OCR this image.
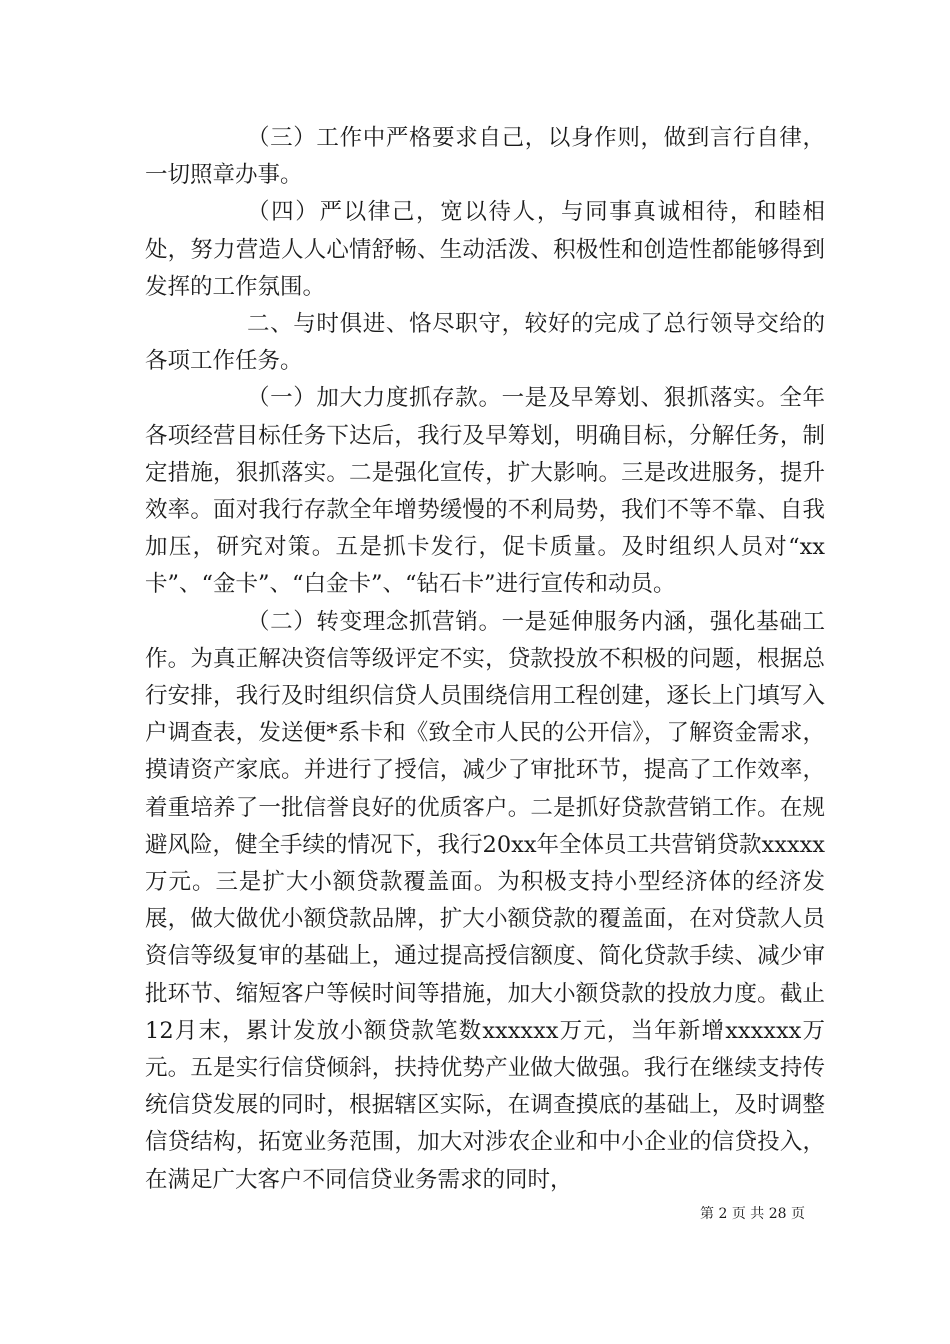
（三）工作中严格要求自己，以身作则，做到言行自律，一切照章办事。

（四）严以律己，宽以待人，与同事真诚相待，和睦相处，努力营造人人心情舒畅、生动活泼、积极性和创造性都能够得到发挥的工作氛围。

二、与时俱进、恪尽职守，较好的完成了总行领导交给的各项工作任务。

（一）加大力度抓存款。一是及早筹划、狠抓落实。全年各项经营目标任务下达后，我行及早筹划，明确目标，分解任务，制定措施，狠抓落实。二是强化宣传，扩大影响。三是改进服务，提升效率。面对我行存款全年增势缓慢的不利局势，我们不等不靠、自我加压，研究对策。五是抓卡发行，促卡质量。及时组织人员对“xx卡”、“金卡”、“白金卡”、“钻石卡”进行宣传和动员。

（二）转变理念抓营销。一是延伸服务内涵，强化基础工作。为真正解决资信等级评定不实，贷款投放不积极的问题，根据总行安排，我行及时组织信贷人员围绕信用工程创建，逐长上门填写入户调查表，发送便*系卡和《致全市人民的公开信》，了解资金需求，摸请资产家底。并进行了授信，减少了审批环节，提高了工作效率，着重培养了一批信誉良好的优质客户。二是抓好贷款营销工作。在规避风险，健全手续的情况下，我行20xx年全体员工共营销贷款xxxxx万元。三是扩大小额贷款覆盖面。为积极支持小型经济体的经济发展，做大做优小额贷款品牌，扩大小额贷款的覆盖面，在对贷款人员资信等级复审的基础上，通过提高授信额度、简化贷款手续、减少审批环节、缩短客户等候时间等措施，加大小额贷款的投放力度。截止12月末，累计发放小额贷款笔数xxxxxx万元，当年新增xxxxxx万元。五是实行信贷倾斜，扶持优势产业做大做强。我行在继续支持传统信贷发展的同时，根据辖区实际，在调查摸底的基础上，及时调整信贷结构，拓宽业务范围，加大对涉农企业和中小企业的信贷投入，在满足广大客户不同信贷业务需求的同时，

第 2 页 共 28 页
